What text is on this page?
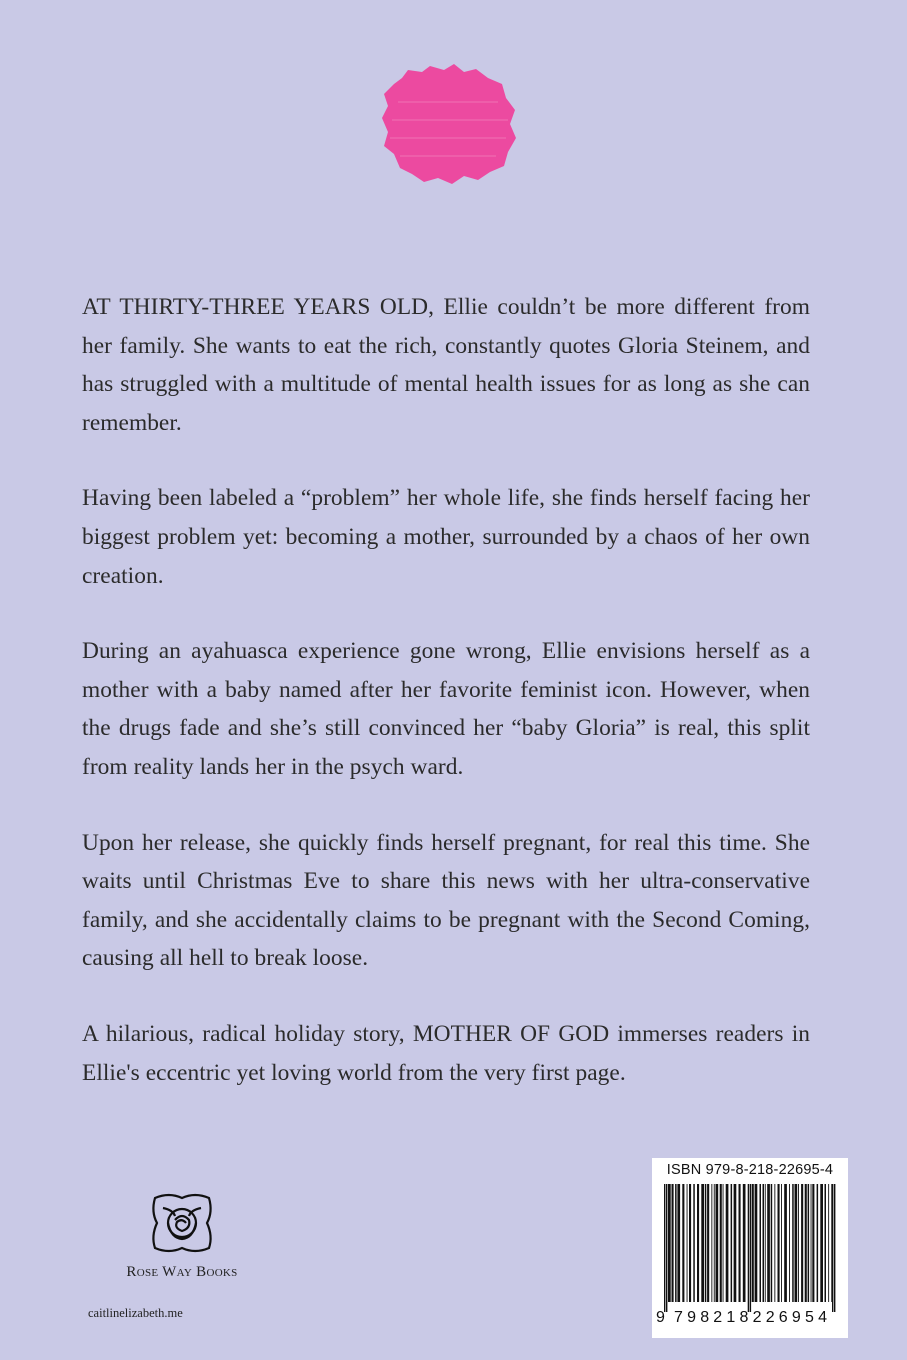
AT THIRTY-THREE YEARS OLD, Ellie couldn’t be more different from her family. She wants to eat the rich, constantly quotes Gloria Steinem, and has struggled with a multitude of mental health issues for as long as she can remember.

Having been labeled a “problem” her whole life, she finds herself facing her biggest problem yet: becoming a mother, surrounded by a chaos of her own creation.

During an ayahuasca experience gone wrong, Ellie envisions herself as a mother with a baby named after her favorite feminist icon. However, when the drugs fade and she’s still convinced her “baby Gloria” is real, this split from reality lands her in the psych ward.

Upon her release, she quickly finds herself pregnant, for real this time. She waits until Christmas Eve to share this news with her ultra-conservative family, and she accidentally claims to be pregnant with the Second Coming, causing all hell to break loose.

A hilarious, radical holiday story, MOTHER OF GOD immerses readers in Ellie's eccentric yet loving world from the very first page.

Rose Way Books
caitlinelizabeth.me
ISBN 979-8-218-22695-4
9 798218226954
